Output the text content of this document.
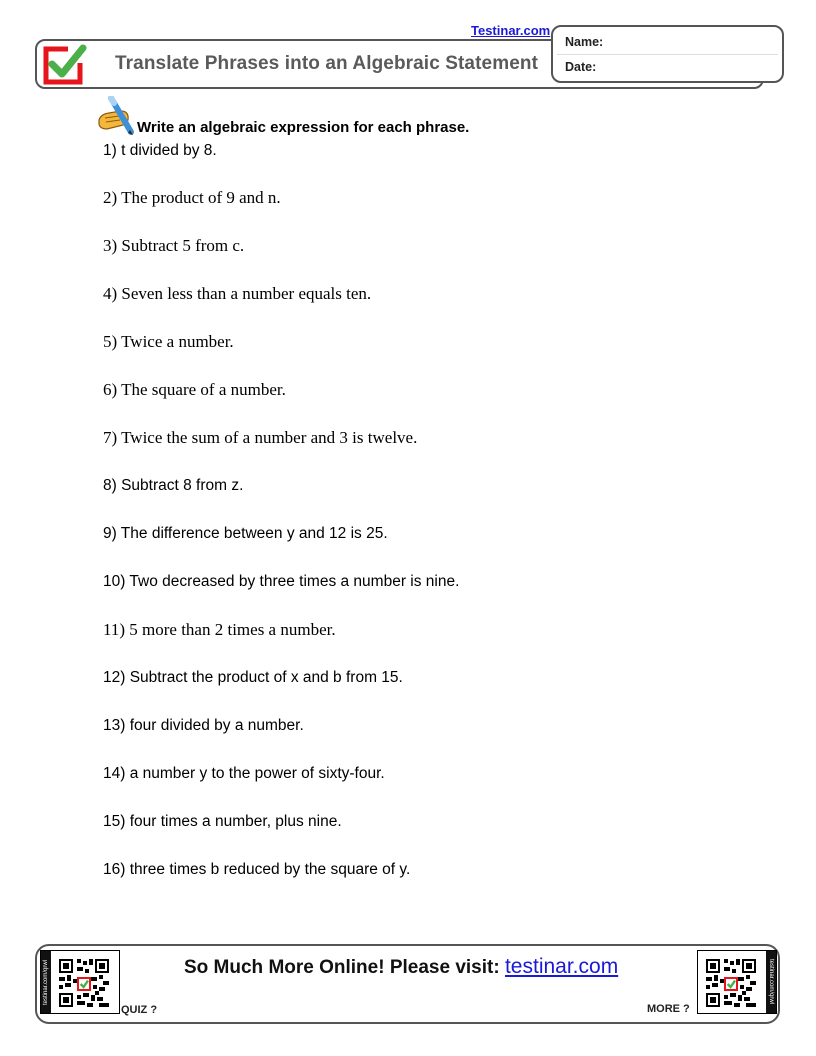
Testinar.com
Translate Phrases into an Algebraic Statement
Name:
Date:
Write an algebraic expression for each phrase.
1) t divided by 8.
2) The product of 9 and n.
3) Subtract 5 from c.
4) Seven less than a number equals ten.
5) Twice a number.
6) The square of a number.
7) Twice the sum of a number and 3 is twelve.
8) Subtract 8 from z.
9) The difference between y and 12 is 25.
10) Two decreased by three times a number is nine.
11) 5 more than 2 times a number.
12) Subtract the product of x and b from 15.
13) four divided by a number.
14) a number y to the power of sixty-four.
15) four times a number, plus nine.
16) three times b reduced by the square of y.
testinar.com/qrwl
QUIZ ?
So Much More Online! Please visit: testinar.com
MORE ?
testinar.com/qrwl
